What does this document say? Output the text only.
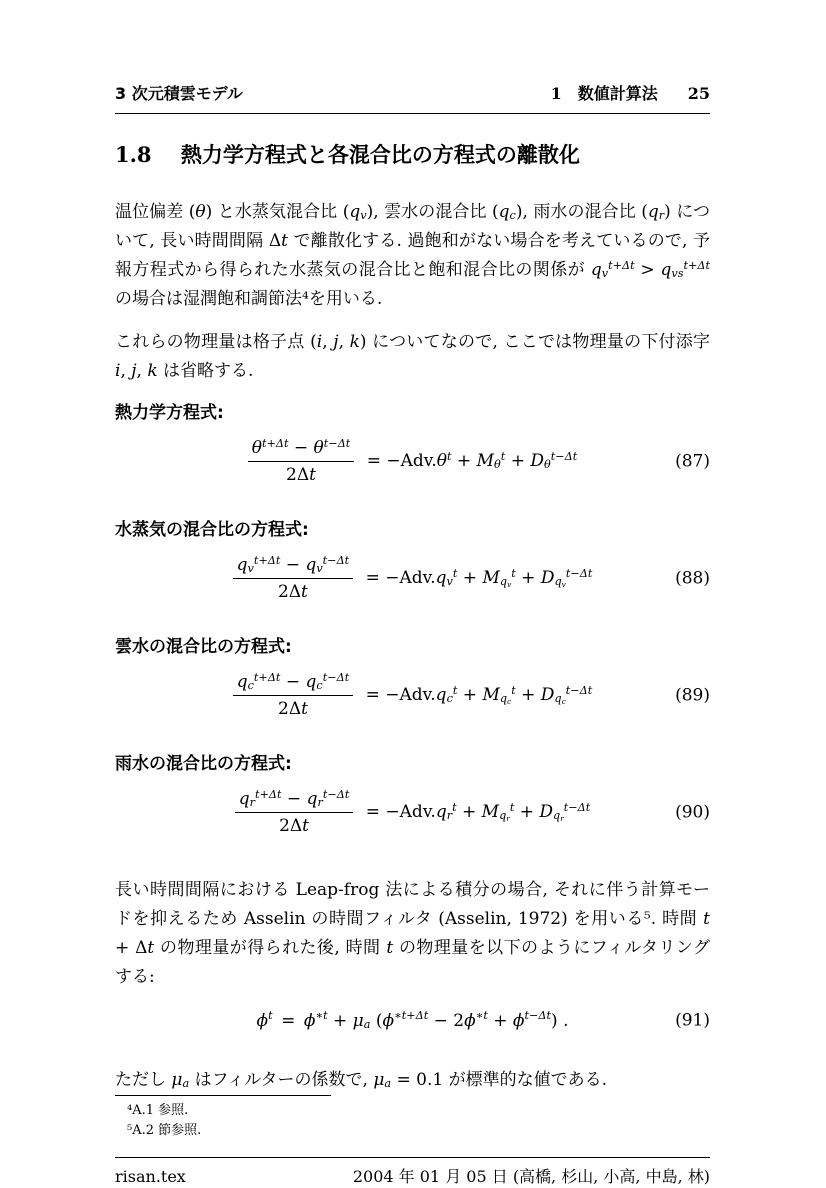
3 次元積雲モデル	1 数値計算法 25
1.8 熱力学方程式と各混合比の方程式の離散化

温位偏差 (θ) と水蒸気混合比 $(q_v)$, 雲水の混合比 $(q_c)$, 雨水の混合比 $(q_r)$ について, 長い時間間隔 Δt で離散化する. 過飽和がない場合を考えているので, 予報方程式から得られた水蒸気の混合比と飽和混合比の関係が $q_v^{t+\Delta t} > q_{vs}^{t+\Delta t}$ の場合は湿潤飽和調節法⁴を用いる.

これらの物理量は格子点 (i, j, k) についてなので, ここでは物理量の下付添字 i, j, k は省略する.

熱力学方程式:
$\frac{\theta^{t+\Delta t} - \theta^{t-\Delta t}}{2\Delta t} = -Adv.\theta^t + M_\theta^t + D_\theta^{t-\Delta t}$	(87)
水蒸気の混合比の方程式:
$\frac{q_v^{t+\Delta t} - q_v^{t-\Delta t}}{2\Delta t} = -Adv.q_v^t + M_{q_v}^t + D_{q_v}^{t-\Delta t}$	(88)
雲水の混合比の方程式:
$\frac{q_c^{t+\Delta t} - q_c^{t-\Delta t}}{2\Delta t} = -Adv.q_c^t + M_{q_c}^t + D_{q_c}^{t-\Delta t}$	(89)
雨水の混合比の方程式:
$\frac{q_r^{t+\Delta t} - q_r^{t-\Delta t}}{2\Delta t} = -Adv.q_r^t + M_{q_r}^t + D_{q_r}^{t-\Delta t}$	(90)

長い時間間隔における Leap-frog 法による積分の場合, それに伴う計算モードを抑えるため Asselin の時間フィルタ (Asselin, 1972) を用いる⁵. 時間 t + Δt の物理量が得られた後, 時間 t の物理量を以下のようにフィルタリングする:

$\phi^t$ = $\phi^{∗t} + \mu_a$ $(\phi^{∗t+\Delta t} - 2\phi^{∗t} + \phi^{t-\Delta t})$ .	(91)

ただし $\mu_a$ はフィルターの係数で, $\mu_a = 0.1$ が標準的な値である.

⁴A.1 参照.

⁵A.2 節参照.

risan.tex	2004 年 01 月 05 日 (高橋, 杉山, 小高, 中島, 林)
